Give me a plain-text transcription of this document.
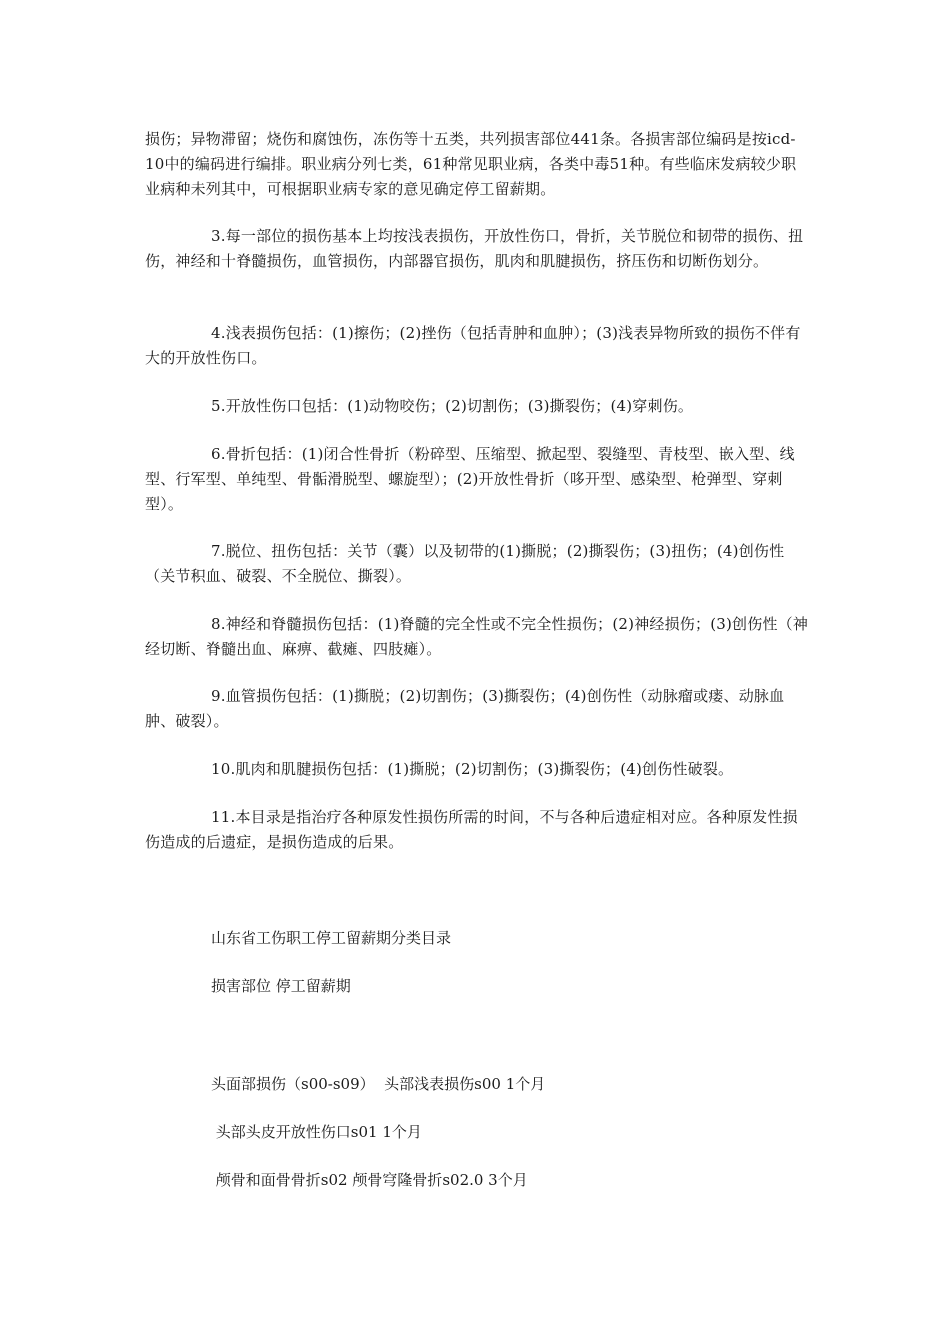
损伤；异物滞留；烧伤和腐蚀伤，冻伤等十五类，共列损害部位441条。各损害部位编码是按icd-10中的编码进行编排。职业病分列七类，61种常见职业病，各类中毒51种。有些临床发病较少职业病种未列其中，可根据职业病专家的意见确定停工留薪期。

3.每一部位的损伤基本上均按浅表损伤，开放性伤口，骨折，关节脱位和韧带的损伤、扭伤，神经和十脊髓损伤，血管损伤，内部器官损伤，肌肉和肌腱损伤，挤压伤和切断伤划分。

4.浅表损伤包括：(1)擦伤；(2)挫伤（包括青肿和血肿）；(3)浅表异物所致的损伤不伴有大的开放性伤口。

5.开放性伤口包括：(1)动物咬伤；(2)切割伤；(3)撕裂伤；(4)穿刺伤。

6.骨折包括：(1)闭合性骨折（粉碎型、压缩型、掀起型、裂缝型、青枝型、嵌入型、线型、行军型、单纯型、骨骺滑脱型、螺旋型）；(2)开放性骨折（哆开型、感染型、枪弹型、穿刺型）。

7.脱位、扭伤包括：关节（囊）以及韧带的(1)撕脱；(2)撕裂伤；(3)扭伤；(4)创伤性（关节积血、破裂、不全脱位、撕裂）。

8.神经和脊髓损伤包括：(1)脊髓的完全性或不完全性损伤；(2)神经损伤；(3)创伤性（神经切断、脊髓出血、麻痹、截瘫、四肢瘫）。

9.血管损伤包括：(1)撕脱；(2)切割伤；(3)撕裂伤；(4)创伤性（动脉瘤或瘘、动脉血肿、破裂）。

10.肌肉和肌腱损伤包括：(1)撕脱；(2)切割伤；(3)撕裂伤；(4)创伤性破裂。

11.本目录是指治疗各种原发性损伤所需的时间，不与各种后遗症相对应。各种原发性损伤造成的后遗症，是损伤造成的后果。

山东省工伤职工停工留薪期分类目录

损害部位 停工留薪期

头面部损伤（s00-s09）  头部浅表损伤s00 1个月

头部头皮开放性伤口s01 1个月

颅骨和面骨骨折s02 颅骨穹隆骨折s02.0 3个月
